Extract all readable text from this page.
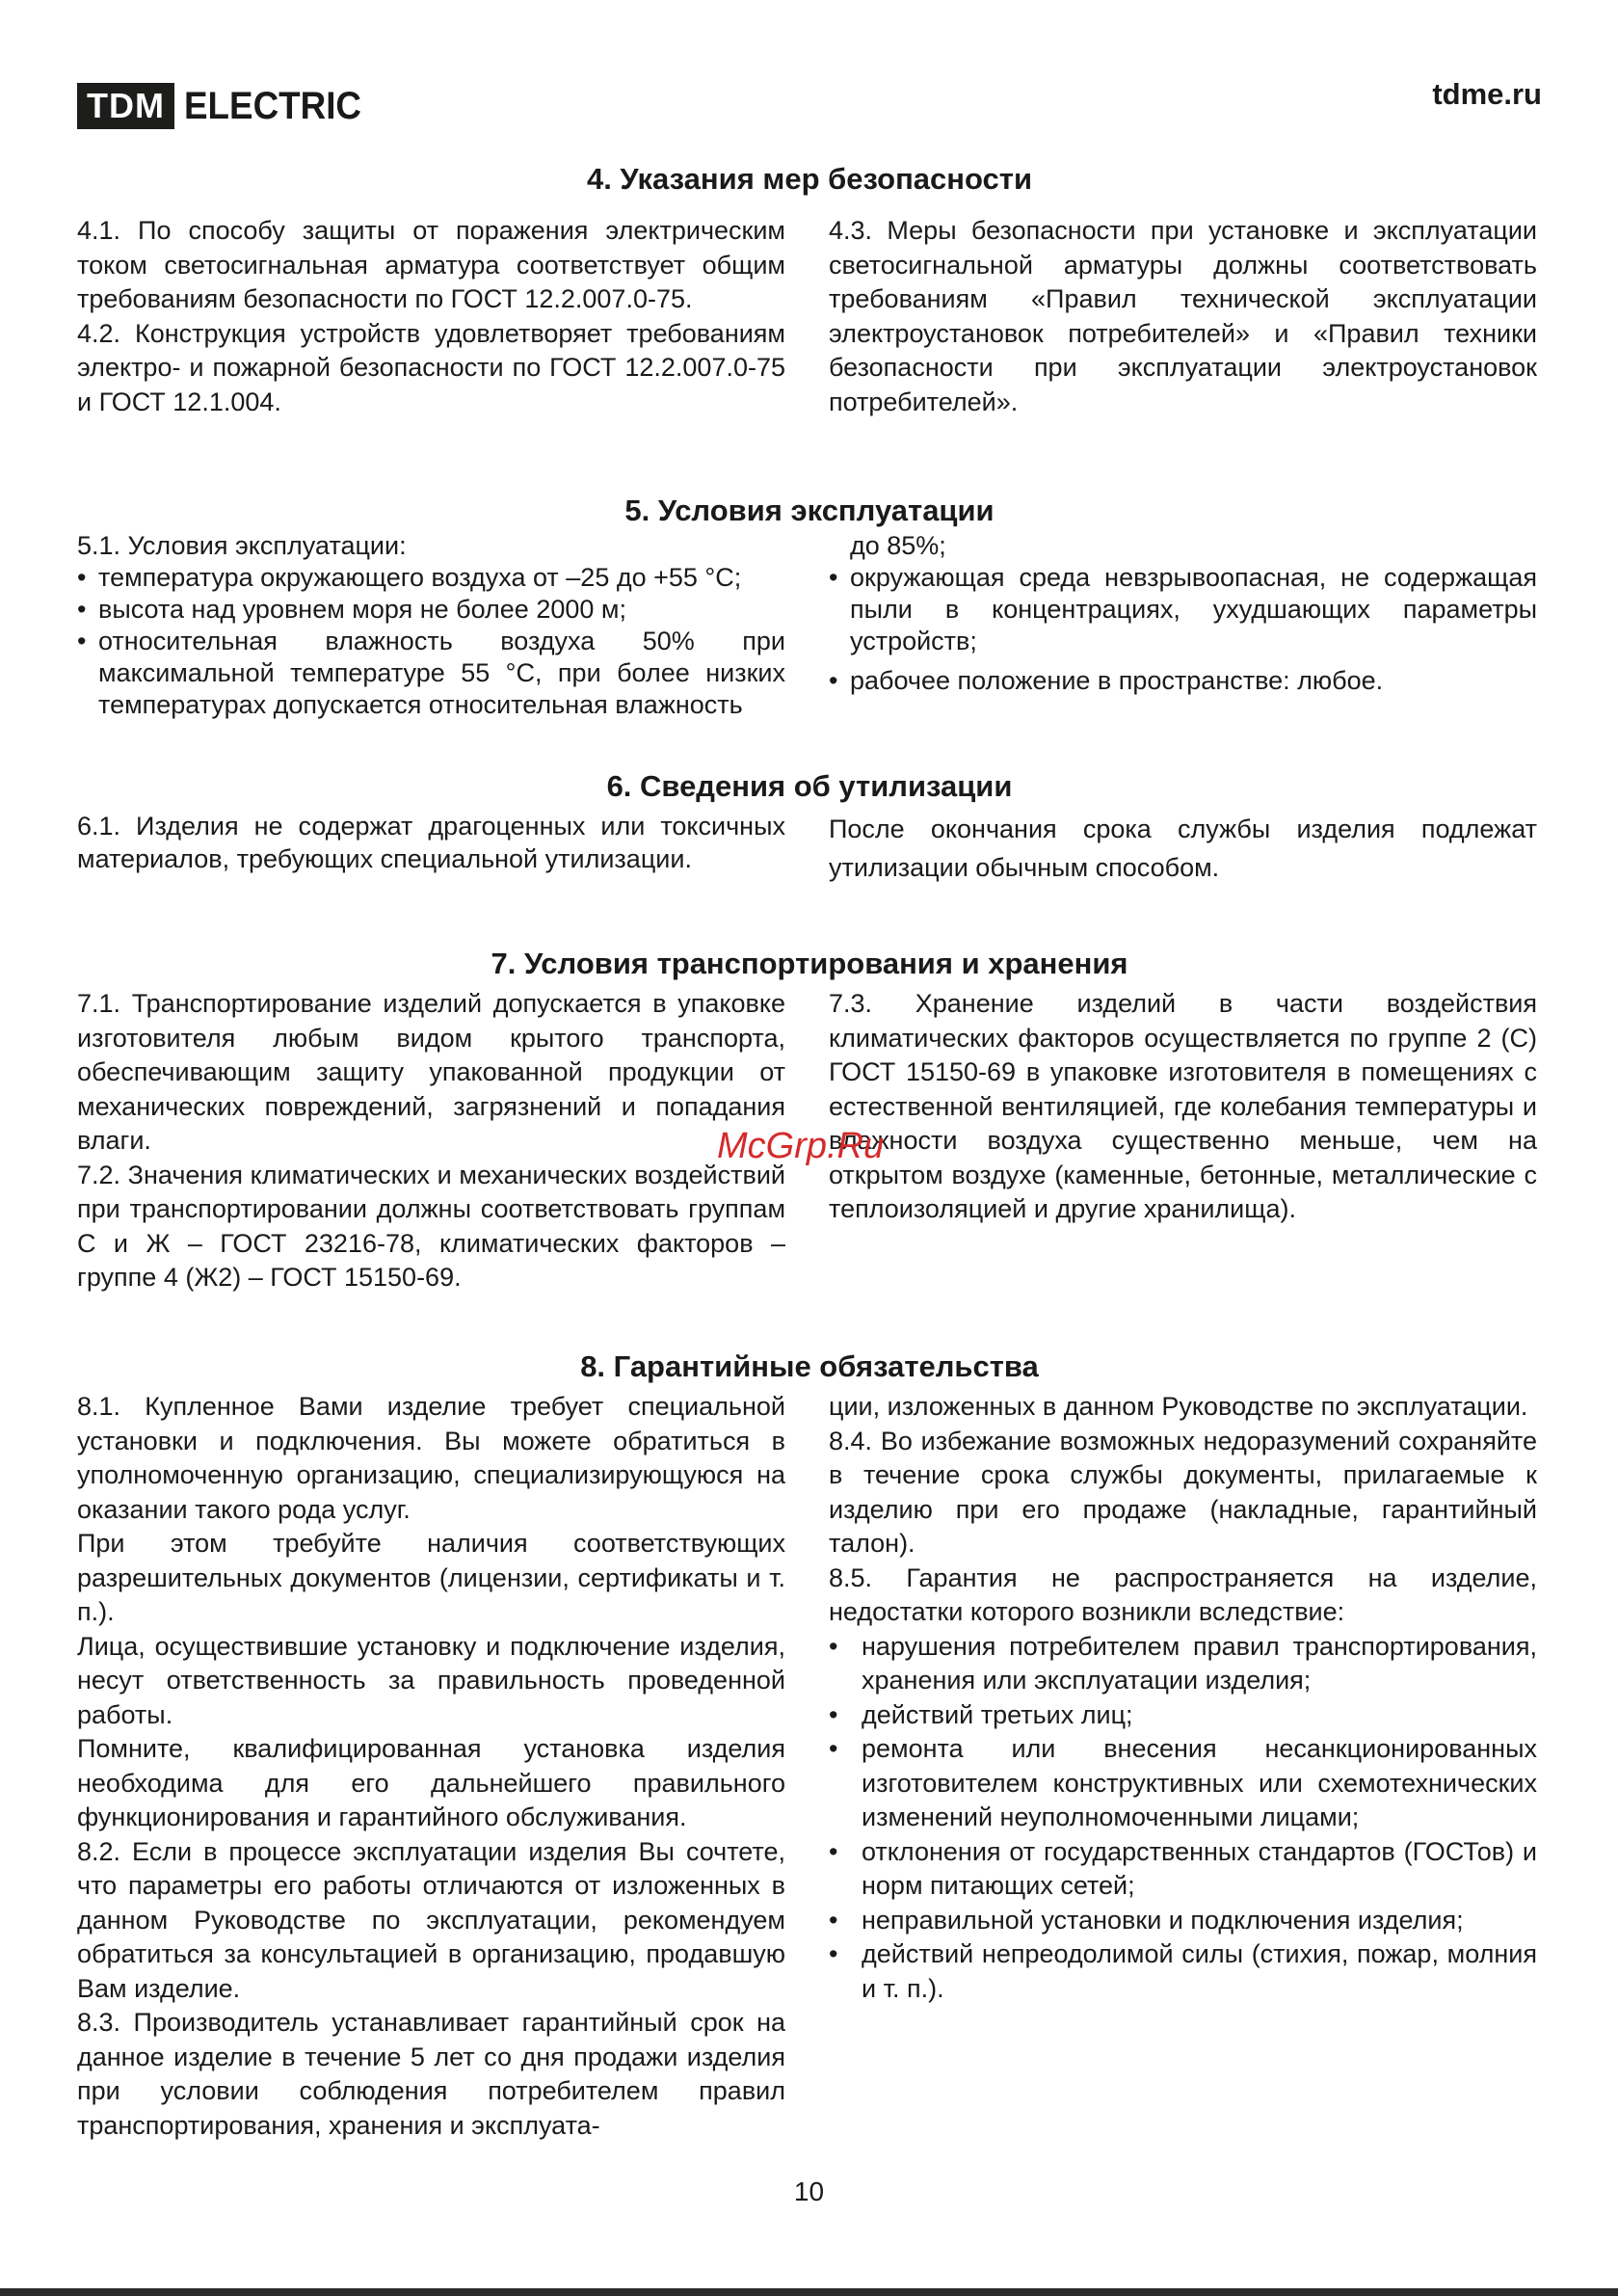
TDM ELECTRIC	tdme.ru
4. Указания мер безопасности

4.1. По способу защиты от поражения электрическим током светосигнальная арматура соответствует общим требованиям безопасности по ГОСТ 12.2.007.0-75.

4.2. Конструкция устройств удовлетворяет требованиям электро- и пожарной безопасности по ГОСТ 12.2.007.0-75 и ГОСТ 12.1.004.

4.3. Меры безопасности при установке и эксплуатации светосигнальной арматуры должны соответствовать требованиям «Правил технической эксплуатации электроустановок потребителей» и «Правил техники безопасности при эксплуатации электроустановок потребителей».

5. Условия эксплуатации

5.1. Условия эксплуатации:

• температура окружающего воздуха от –25 до +55 °С;
• высота над уровнем моря не более 2000 м;
• относительная влажность воздуха 50% при максимальной температуре 55 °С, при более низких температурах допускается относительная влажность

до 85%;

• окружающая среда невзрывоопасная, не содержащая пыли в концентрациях, ухудшающих параметры устройств;
• рабочее положение в пространстве: любое.
6. Сведения об утилизации

6.1. Изделия не содержат драгоценных или токсичных материалов, требующих специальной утилизации.

После окончания срока службы изделия подлежат утилизации обычным способом.

7. Условия транспортирования и хранения

7.1. Транспортирование изделий допускается в упаковке изготовителя любым видом крытого транспорта, обеспечивающим защиту упакованной продукции от механических повреждений, загрязнений и попадания влаги.

7.2. Значения климатических и механических воздействий при транспортировании должны соответствовать группам С и Ж – ГОСТ 23216-78, климатических факторов – группе 4 (Ж2) – ГОСТ 15150-69.

7.3. Хранение изделий в части воздействия климатических факторов осуществляется по группе 2 (С) ГОСТ 15150-69 в упаковке изготовителя в помещениях с естественной вентиляцией, где колебания температуры и влажности воздуха существенно меньше, чем на открытом воздухе (каменные, бетонные, металлические с теплоизоляцией и другие хранилища).

8. Гарантийные обязательства

8.1. Купленное Вами изделие требует специальной установки и подключения. Вы можете обратиться в уполномоченную организацию, специализирующуюся на оказании такого рода услуг.

При этом требуйте наличия соответствующих разрешительных документов (лицензии, сертификаты и т. п.).

Лица, осуществившие установку и подключение изделия, несут ответственность за правильность проведенной работы.

Помните, квалифицированная установка изделия необходима для его дальнейшего правильного функционирования и гарантийного обслуживания.

8.2. Если в процессе эксплуатации изделия Вы сочтете, что параметры его работы отличаются от изложенных в данном Руководстве по эксплуатации, рекомендуем обратиться за консультацией в организацию, продавшую Вам изделие.

8.3. Производитель устанавливает гарантийный срок на данное изделие в течение 5 лет со дня продажи изделия при условии соблюдения потребителем правил транспортирования, хранения и эксплуата-

ции, изложенных в данном Руководстве по эксплуатации.

8.4. Во избежание возможных недоразумений сохраняйте в течение срока службы документы, прилагаемые к изделию при его продаже (накладные, гарантийный талон).

8.5. Гарантия не распространяется на изделие, недостатки которого возникли вследствие:

• нарушения потребителем правил транспортирования, хранения или эксплуатации изделия;
• действий третьих лиц;
• ремонта или внесения несанкционированных изготовителем конструктивных или схемотехнических изменений неуполномоченными лицами;
• отклонения от государственных стандартов (ГОСТов) и норм питающих сетей;
• неправильной установки и подключения изделия;
• действий непреодолимой силы (стихия, пожар, молния и т. п.).
McGrp.Ru
10
